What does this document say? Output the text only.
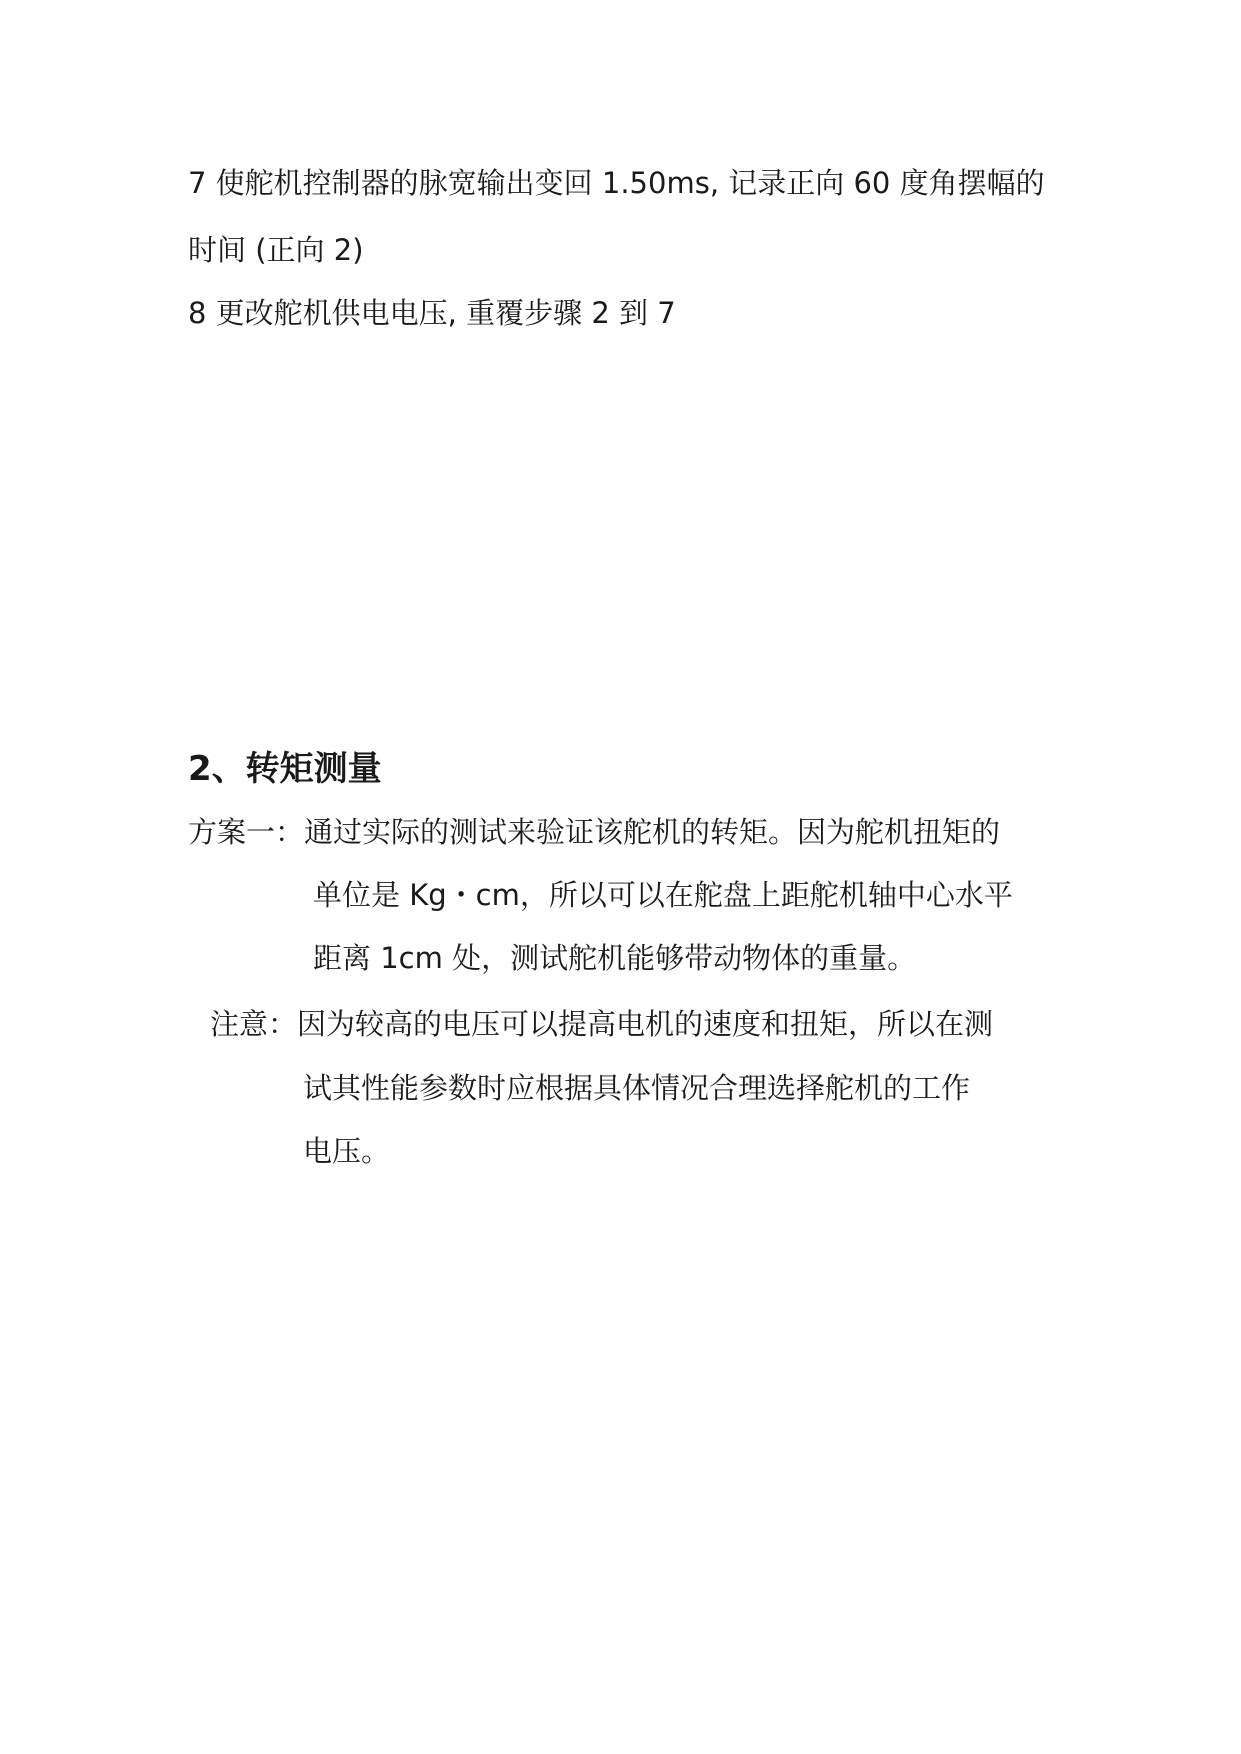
7 使舵机控制器的脉宽输出变回 1.50ms, 记录正向 60 度角摆幅的
时间 (正向 2)
8 更改舵机供电电压, 重覆步骤 2 到 7
2、转矩测量
方案一：通过实际的测试来验证该舵机的转矩。因为舵机扭矩的
单位是 Kg・cm，所以可以在舵盘上距舵机轴中心水平
距离 1cm 处，测试舵机能够带动物体的重量。
注意：因为较高的电压可以提高电机的速度和扭矩，所以在测
试其性能参数时应根据具体情况合理选择舵机的工作
电压。
